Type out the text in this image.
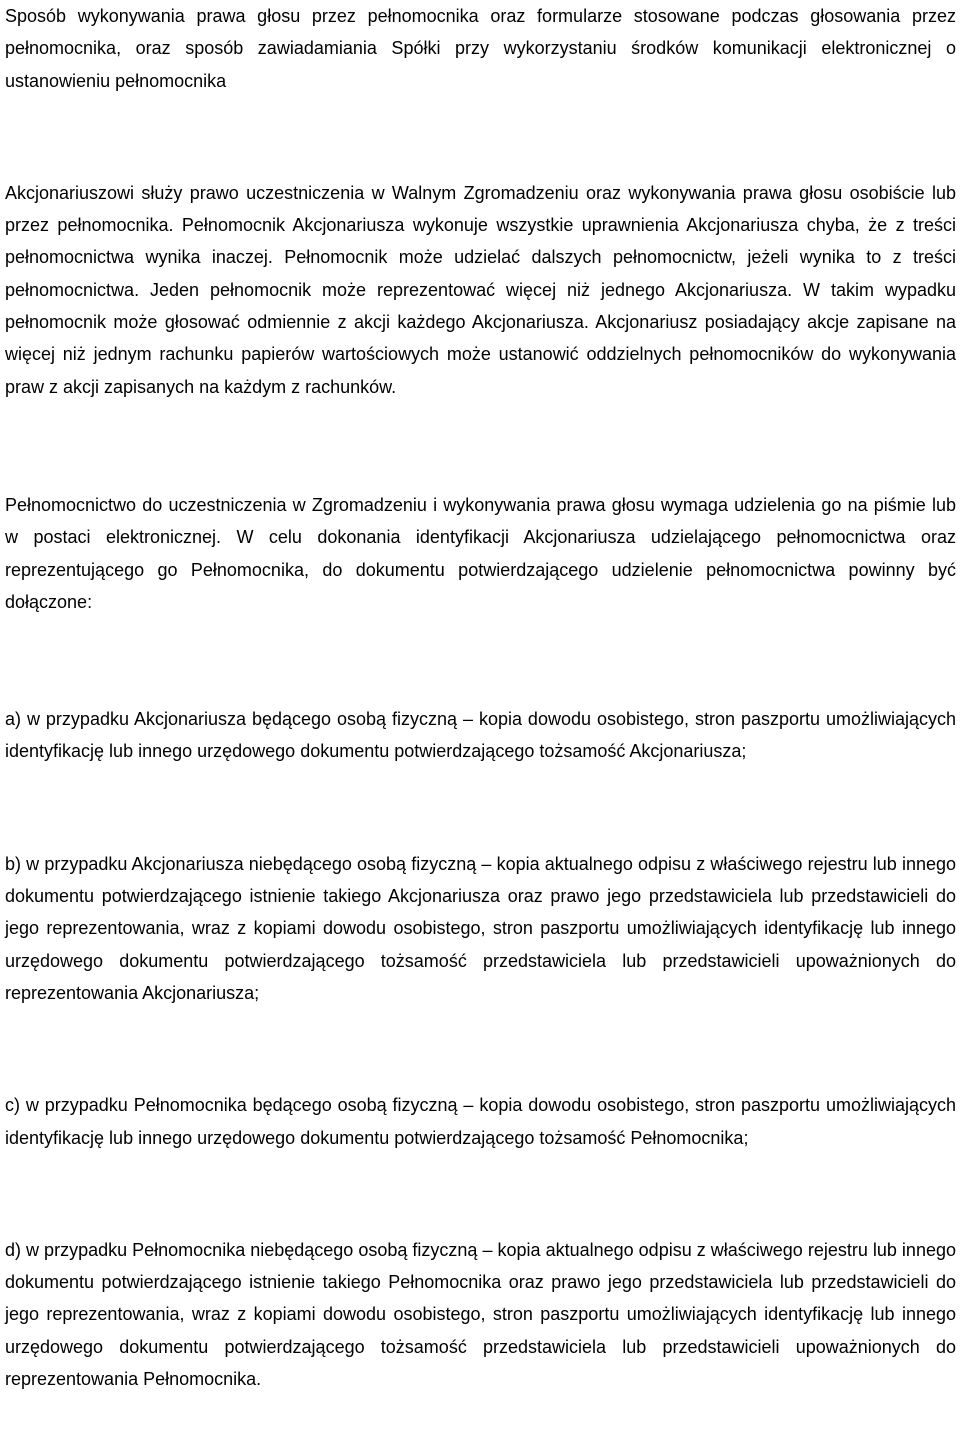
Sposób wykonywania prawa głosu przez pełnomocnika oraz formularze stosowane podczas głosowania przez pełnomocnika, oraz sposób zawiadamiania Spółki przy wykorzystaniu środków komunikacji elektronicznej o ustanowieniu pełnomocnika

Akcjonariuszowi służy prawo uczestniczenia w Walnym Zgromadzeniu oraz wykonywania prawa głosu osobiście lub przez pełnomocnika. Pełnomocnik Akcjonariusza wykonuje wszystkie uprawnienia Akcjonariusza chyba, że z treści pełnomocnictwa wynika inaczej. Pełnomocnik może udzielać dalszych pełnomocnictw, jeżeli wynika to z treści pełnomocnictwa. Jeden pełnomocnik może reprezentować więcej niż jednego Akcjonariusza. W takim wypadku pełnomocnik może głosować odmiennie z akcji każdego Akcjonariusza. Akcjonariusz posiadający akcje zapisane na więcej niż jednym rachunku papierów wartościowych może ustanowić oddzielnych pełnomocników do wykonywania praw z akcji zapisanych na każdym z rachunków.

Pełnomocnictwo do uczestniczenia w Zgromadzeniu i wykonywania prawa głosu wymaga udzielenia go na piśmie lub w postaci elektronicznej. W celu dokonania identyfikacji Akcjonariusza udzielającego pełnomocnictwa oraz reprezentującego go Pełnomocnika, do dokumentu potwierdzającego udzielenie pełnomocnictwa powinny być dołączone:

a) w przypadku Akcjonariusza będącego osobą fizyczną – kopia dowodu osobistego, stron paszportu umożliwiających identyfikację lub innego urzędowego dokumentu potwierdzającego tożsamość Akcjonariusza;

b) w przypadku Akcjonariusza niebędącego osobą fizyczną – kopia aktualnego odpisu z właściwego rejestru lub innego dokumentu potwierdzającego istnienie takiego Akcjonariusza oraz prawo jego przedstawiciela lub przedstawicieli do jego reprezentowania, wraz z kopiami dowodu osobistego, stron paszportu umożliwiających identyfikację lub innego urzędowego dokumentu potwierdzającego tożsamość przedstawiciela lub przedstawicieli upoważnionych do reprezentowania Akcjonariusza;

c) w przypadku Pełnomocnika będącego osobą fizyczną – kopia dowodu osobistego, stron paszportu umożliwiających identyfikację lub innego urzędowego dokumentu potwierdzającego tożsamość Pełnomocnika;

d) w przypadku Pełnomocnika niebędącego osobą fizyczną – kopia aktualnego odpisu z właściwego rejestru lub innego dokumentu potwierdzającego istnienie takiego Pełnomocnika oraz prawo jego przedstawiciela lub przedstawicieli do jego reprezentowania, wraz z kopiami dowodu osobistego, stron paszportu umożliwiających identyfikację lub innego urzędowego dokumentu potwierdzającego tożsamość przedstawiciela lub przedstawicieli upoważnionych do reprezentowania Pełnomocnika.
